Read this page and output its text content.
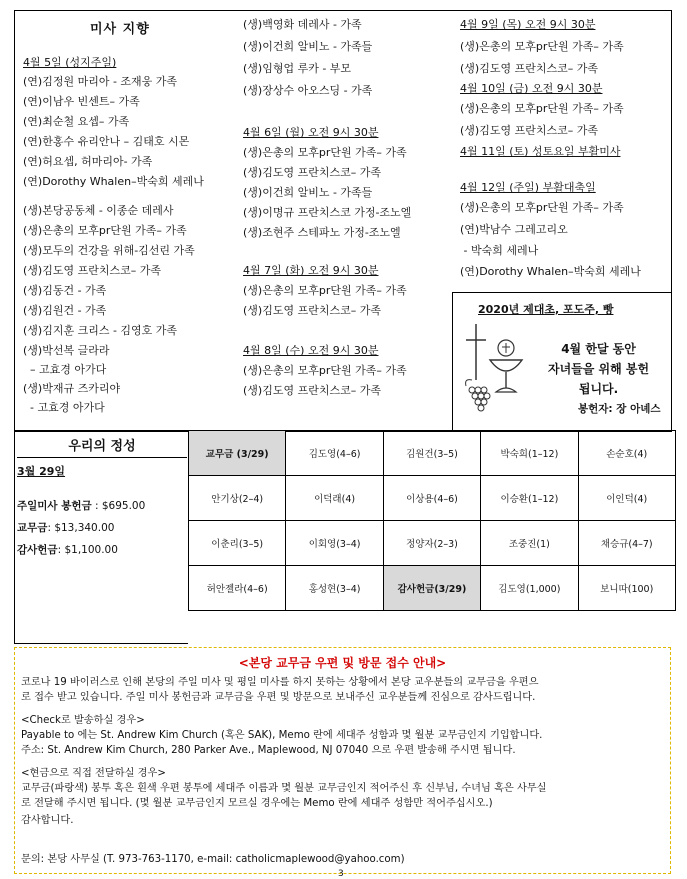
미사 지향
4월 5일 (성지주일)
(연)김정원 마리아 - 조재웅 가족
(연)이남우 빈센트– 가족
(연)최순철 요셉– 가족
(연)한홍수 유리안나 – 김태호 시몬
(연)허요셉, 허마리아- 가족
(연)Dorothy Whalen–박숙희 세레나
(생)본당공동체 - 이종순 데레사
(생)은총의 모후pr단원 가족– 가족
(생)모두의 건강을 위해-김선린 가족
(생)김도영 프란치스코– 가족
(생)김동건 - 가족
(생)김원건 - 가족
(생)김지훈 크리스 - 김영호 가족
(생)박선복 글라라
– 고효경 아가다
(생)박재규 즈카리야
- 고효경 아가다
(생)백영화 데레사 - 가족
(생)이건희 알비노 - 가족들
(생)임형업 루카 - 부모
(생)장상수 아오스딩 - 가족
4월 6일 (월) 오전 9시 30분
(생)은총의 모후pr단원 가족– 가족
(생)김도영 프란치스코– 가족
(생)이건희 알비노 - 가족들
(생)이명규 프란치스코 가정-조노엘
(생)조현주 스테파노 가정-조노엘
4월 7일 (화) 오전 9시 30분
(생)은총의 모후pr단원 가족– 가족
(생)김도영 프란치스코– 가족
4월 8일 (수) 오전 9시 30분
(생)은총의 모후pr단원 가족– 가족
(생)김도영 프란치스코– 가족
4월 9일 (목) 오전 9시 30분
(생)은총의 모후pr단원 가족– 가족
(생)김도영 프란치스코– 가족
4월 10일 (금) 오전 9시 30분
(생)은총의 모후pr단원 가족– 가족
(생)김도영 프란치스코– 가족
4월 11일 (토) 성토요일 부활미사
4월 12일 (주일) 부활대축일
(생)은총의 모후pr단원 가족– 가족
(연)박남수 그레고리오
- 박숙희 세레나
(연)Dorothy Whalen–박숙희 세레나
2020년 제대초, 포도주, 빵
4월 한달 동안
자녀들을 위해 봉헌
됩니다.
봉헌자: 장 아녜스
우리의 정성
3월 29일
주일미사 봉헌금 : $695.00
교무금: $13,340.00
감사헌금: $1,100.00
교무금 (3/29)	김도영(4–6)	김원건(3–5)	박숙희(1–12)	손순호(4)
안기상(2–4)	이덕래(4)	이상용(4–6)	이승환(1–12)	이인덕(4)
이춘리(3–5)	이회영(3–4)	정양자(2–3)	조중진(1)	채승규(4–7)
허안젤라(4–6)	홍성현(3–4)	감사헌금(3/29)	김도영(1,000)	보니따(100)
<본당 교무금 우편 및 방문 접수 안내>
코로나 19 바이러스로 인해 본당의 주일 미사 및 평일 미사를 하지 못하는 상황에서 본당 교우분들의 교무금을 우편으
로 접수 받고 있습니다. 주일 미사 봉헌금과 교무금을 우편 및 방문으로 보내주신 교우분들께 진심으로 감사드립니다.
<Check로 발송하실 경우>
Payable to 에는 St. Andrew Kim Church (혹은 SAK), Memo 란에 세대주 성함과 몇 월분 교무금인지 기입합니다.
주소: St. Andrew Kim Church, 280 Parker Ave., Maplewood, NJ 07040 으로 우편 발송해 주시면 됩니다.
<현금으로 직접 전달하실 경우>
교무금(파랑색) 봉투 혹은 흰색 우편 봉투에 세대주 이름과 몇 월분 교무금인지 적어주신 후 신부님, 수녀님 혹은 사무실
로 전달해 주시면 됩니다. (몇 월분 교무금인지 모르실 경우에는 Memo 란에 세대주 성함만 적어주십시오.)
감사합니다.
문의: 본당 사무실 (T. 973-763-1170, e-mail: catholicmaplewood@yahoo.com)
3
